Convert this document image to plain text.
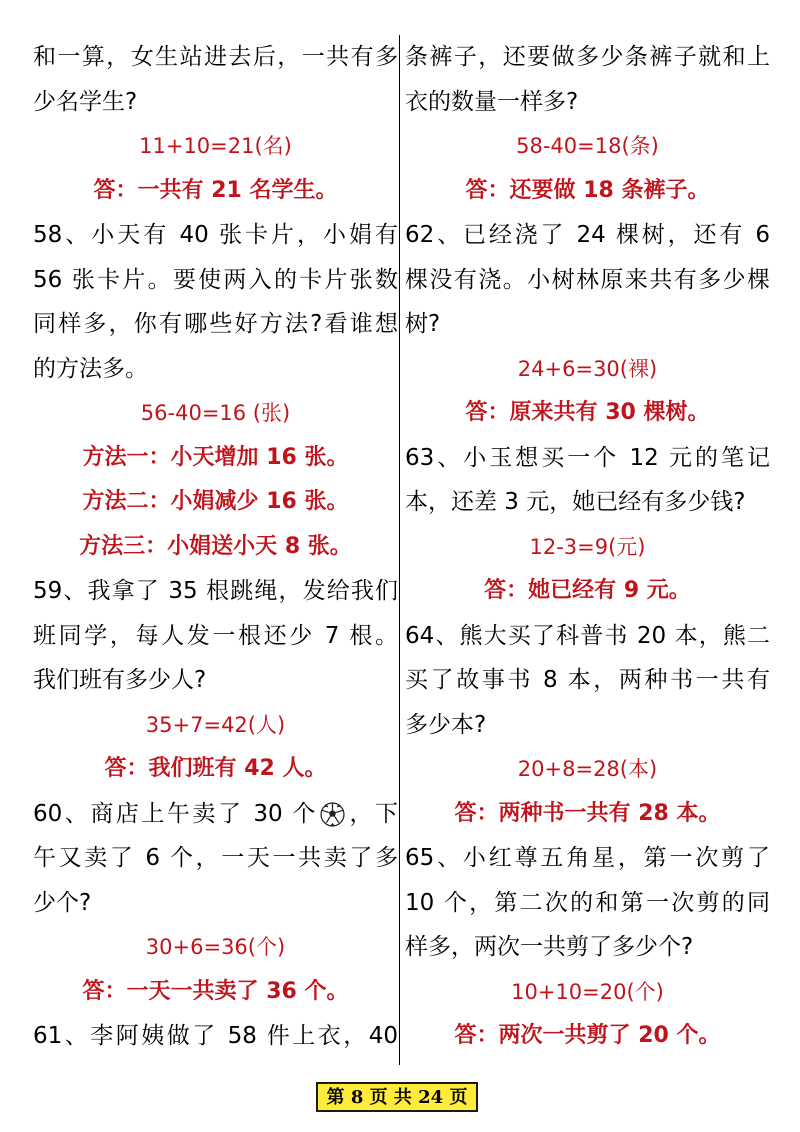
和一算，女生站进去后，一共有多
少名学生?
11+10=21(名)
答：一共有 21 名学生。
58、小天有 40 张卡片，小娟有
56 张卡片。要使两入的卡片张数
同样多，你有哪些好方法?看谁想
的方法多。
56-40=16 (张)
方法一：小天增加 16 张。
方法二：小娟减少 16 张。
方法三：小娟送小天 8 张。
59、我拿了 35 根跳绳，发给我们
班同学，每人发一根还少 7 根。
我们班有多少人?
35+7=42(人)
答：我们班有 42 人。
60、商店上午卖了 30 个 ，下
午又卖了 6 个，一天一共卖了多
少个?
30+6=36(个)
答：一天一共卖了 36 个。
61、李阿姨做了 58 件上衣，40
条裤子，还要做多少条裤子就和上
衣的数量一样多?
58-40=18(条)
答：还要做 18 条裤子。
62、已经浇了 24 棵树，还有 6
棵没有浇。小树林原来共有多少棵
树?
24+6=30(裸)
答：原来共有 30 棵树。
63、小玉想买一个 12 元的笔记
本，还差 3 元，她已经有多少钱?
12-3=9(元)
答：她已经有 9 元。
64、熊大买了科普书 20 本，熊二
买了故事书 8 本，两种书一共有
多少本?
20+8=28(本)
答：两种书一共有 28 本。
65、小红尊五角星，第一次剪了
10 个，第二次的和第一次剪的同
样多，两次一共剪了多少个?
10+10=20(个)
答：两次一共剪了 20 个。
第 8 页 共 24 页
